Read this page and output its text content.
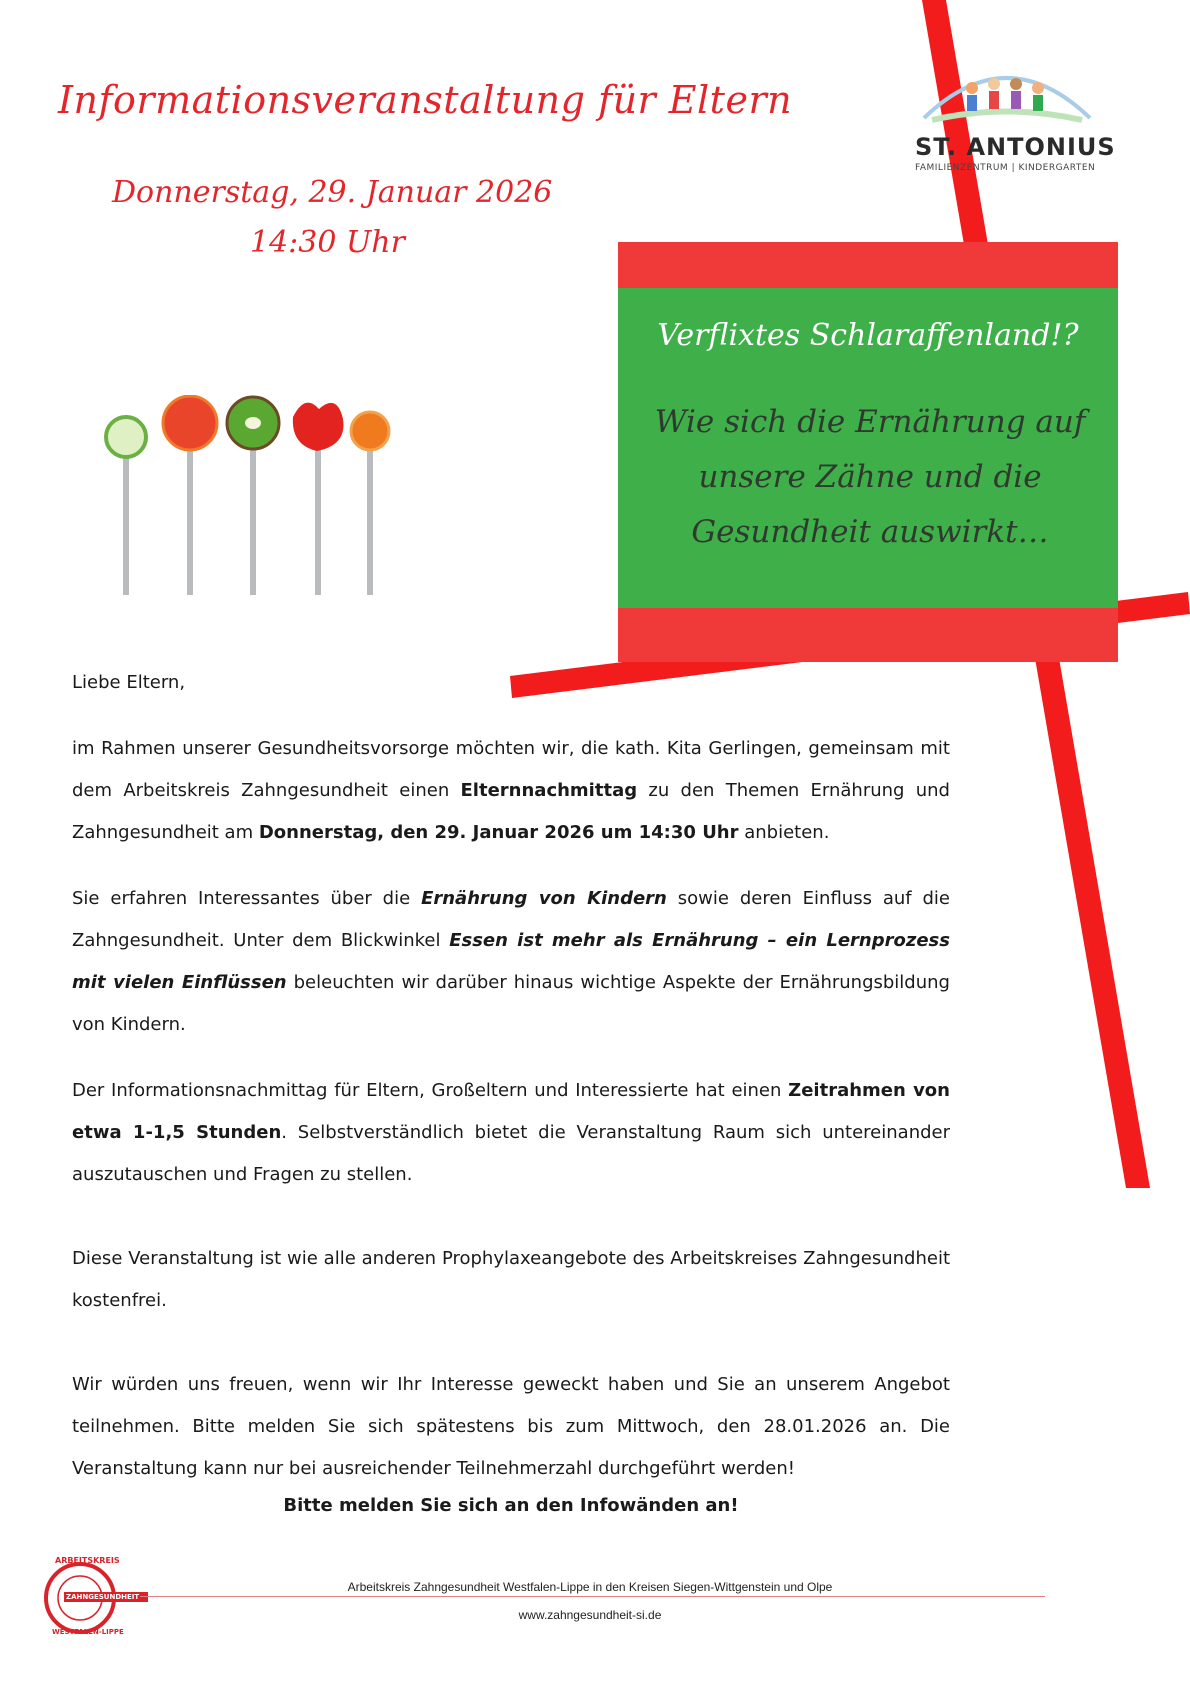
Informationsveranstaltung für Eltern
Donnerstag, 29. Januar 2026
14:30 Uhr
ST. ANTONIUS
FAMILIENZENTRUM | KINDERGARTEN
Verflixtes Schlaraffenland!?
Wie sich die Ernährung auf unsere Zähne und die Gesundheit auswirkt…

Liebe Eltern,

im Rahmen unserer Gesundheitsvorsorge möchten wir, die kath. Kita Gerlingen, gemeinsam mit dem Arbeitskreis Zahngesundheit einen Elternnachmittag zu den Themen Ernährung und Zahngesundheit am Donnerstag, den 29. Januar 2026 um 14:30 Uhr anbieten.

Sie erfahren Interessantes über die Ernährung von Kindern sowie deren Einfluss auf die Zahngesundheit. Unter dem Blickwinkel Essen ist mehr als Ernährung – ein Lernprozess mit vielen Einflüssen beleuchten wir darüber hinaus wichtige Aspekte der Ernährungsbildung von Kindern.

Der Informationsnachmittag für Eltern, Großeltern und Interessierte hat einen Zeitrahmen von etwa 1-1,5 Stunden. Selbstverständlich bietet die Veranstaltung Raum sich untereinander auszutauschen und Fragen zu stellen.

Diese Veranstaltung ist wie alle anderen Prophylaxeangebote des Arbeitskreises Zahngesundheit kostenfrei.

Wir würden uns freuen, wenn wir Ihr Interesse geweckt haben und Sie an unserem Angebot teilnehmen. Bitte melden Sie sich spätestens bis zum Mittwoch, den 28.01.2026 an. Die Veranstaltung kann nur bei ausreichender Teilnehmerzahl durchgeführt werden!

Bitte melden Sie sich an den Infowänden an!
ARBEITSKREIS
ZAHNGESUNDHEIT
WESTFALEN-LIPPE
Arbeitskreis Zahngesundheit Westfalen-Lippe in den Kreisen Siegen-Wittgenstein und Olpe
www.zahngesundheit-si.de
